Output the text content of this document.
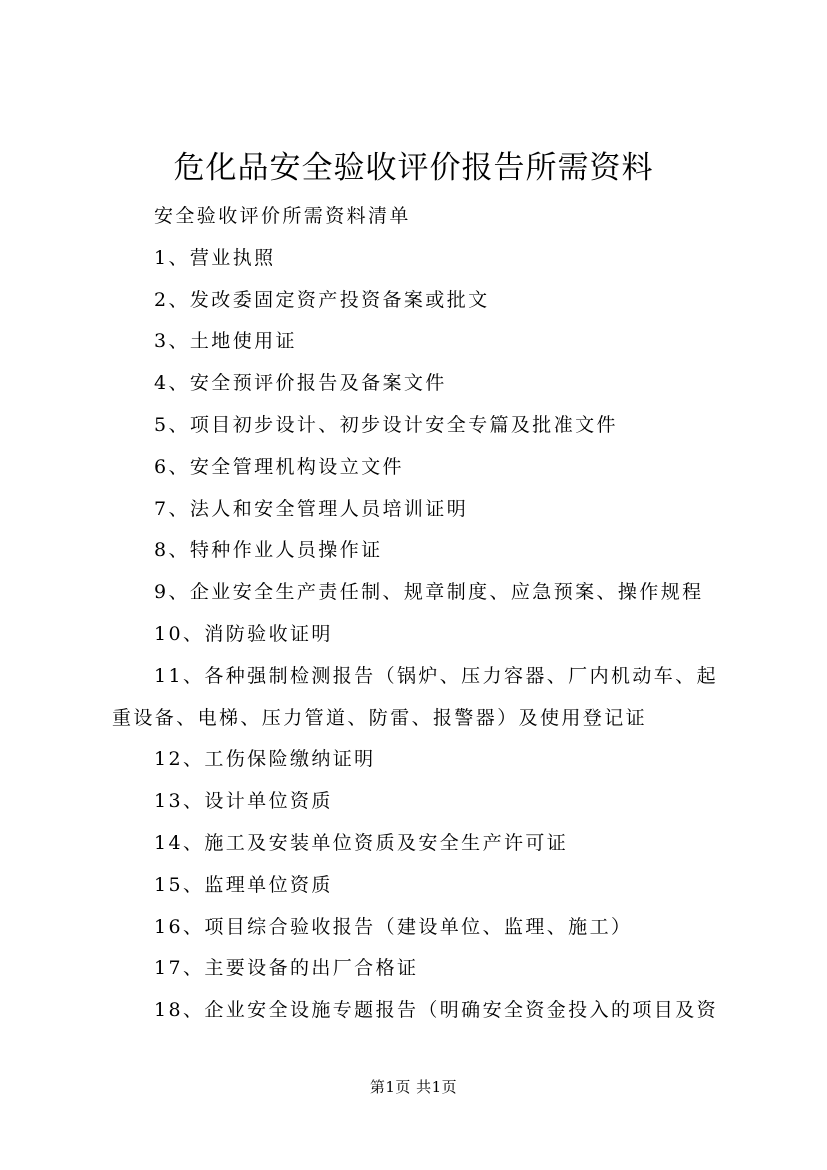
危化品安全验收评价报告所需资料

安全验收评价所需资料清单

1、营业执照

2、发改委固定资产投资备案或批文

3、土地使用证

4、安全预评价报告及备案文件

5、项目初步设计、初步设计安全专篇及批准文件

6、安全管理机构设立文件

7、法人和安全管理人员培训证明

8、特种作业人员操作证

9、企业安全生产责任制、规章制度、应急预案、操作规程

10、消防验收证明

11、各种强制检测报告（锅炉、压力容器、厂内机动车、起重设备、电梯、压力管道、防雷、报警器）及使用登记证

12、工伤保险缴纳证明

13、设计单位资质

14、施工及安装单位资质及安全生产许可证

15、监理单位资质

16、项目综合验收报告（建设单位、监理、施工）

17、主要设备的出厂合格证

18、企业安全设施专题报告（明确安全资金投入的项目及资

第1页 共1页
